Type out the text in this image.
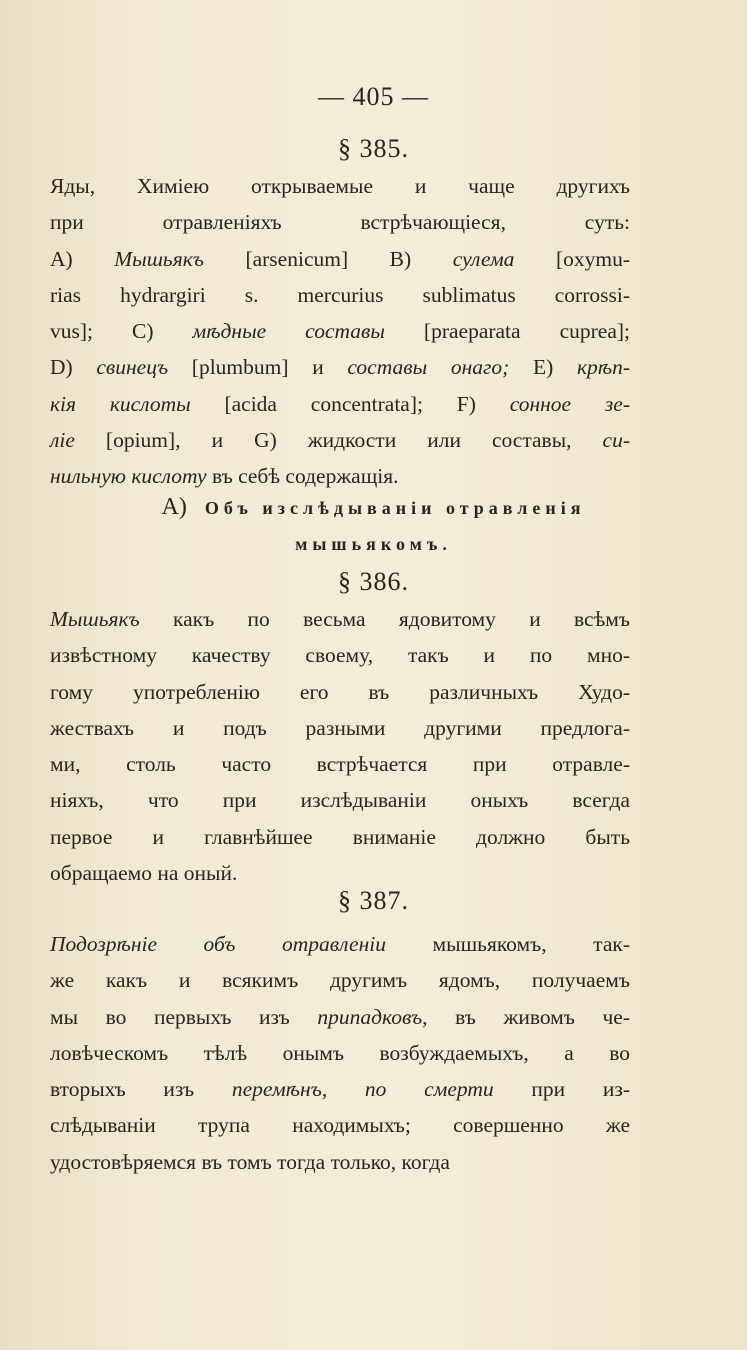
— 405 —
§ 385.
Яды, Химіею открываемые и чаще другихъ
при отравленіяхъ встрѣчающіеся, суть:
A) Мышьякъ [arsenicum] B) сулема [oxymu-
rias hydrargiri s. mercurius sublimatus corrossi-
vus]; C) мѣдные составы [praeparata cuprea];
D) свинецъ [plumbum] и составы онаго; E) крѣп-
кія кислоты [acida concentrata]; F) сонное зе-
ліе [opium], и G) жидкости или составы, си-
нильную кислоту въ себѣ содержащія.
A) Объ изслѣдываніи отравленія
мышьякомъ.
§ 386.
Мышьякъ какъ по весьма ядовитому и всѣмъ
извѣстному качеству своему, такъ и по мно-
гому употребленію его въ различныхъ Худо-
жествахъ и подъ разными другими предлога-
ми, столь часто встрѣчается при отравле-
ніяхъ, что при изслѣдываніи оныхъ всегда
первое и главнѣйшее вниманіе должно быть
обращаемо на оный.
§ 387.
Подозрѣніе объ отравленіи мышьякомъ, так-
же какъ и всякимъ другимъ ядомъ, получаемъ
мы во первыхъ изъ припадковъ, въ живомъ че-
ловѣческомъ тѣлѣ онымъ возбуждаемыхъ, а во
вторыхъ изъ перемѣнъ, по смерти при из-
слѣдываніи трупа находимыхъ; совершенно же
удостовѣряемся въ томъ тогда только, когда
